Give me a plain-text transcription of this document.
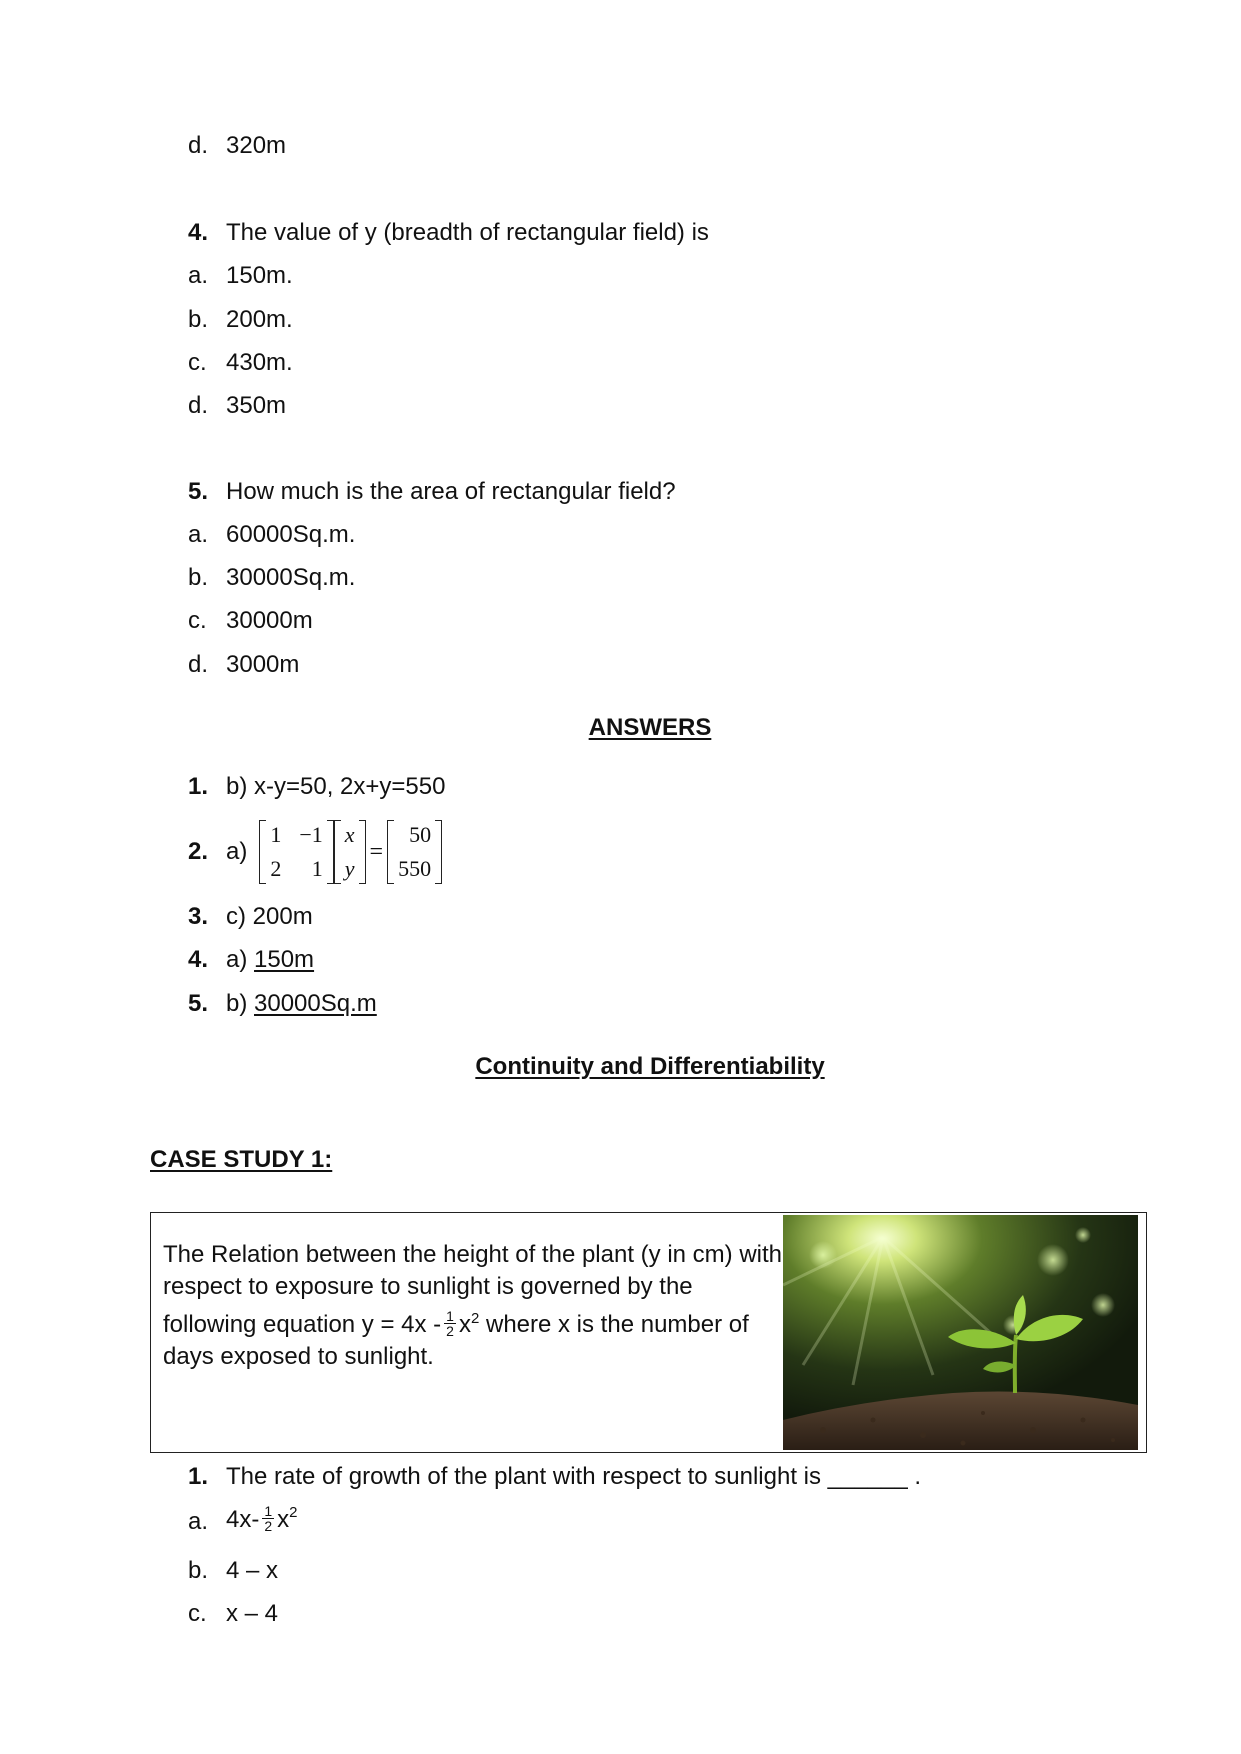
d. 320m
4. The value of y (breadth of rectangular field) is
a. 150m.
b. 200m.
c. 430m.
d. 350m
5. How much is the area of rectangular field?
a. 60000Sq.m.
b. 30000Sq.m.
c. 30000m
d. 3000m
ANSWERS
1. b) x-y=50, 2x+y=550
2. a)
1 −1
2	1
x
y
=
50
550
3. c) 200m
4. a) 150m
5. b) 30000Sq.m
Continuity and Differentiability
CASE STUDY 1:
The Relation between the height of the plant (y in cm) with respect to exposure to sunlight is governed by the following equation $y = 4x - \frac{1}{2} x^2$ where x is the number of days exposed to sunlight.
1. The rate of growth of the plant with respect to sunlight is ______ .
a. $4x- \frac{1}{2} x^2$
b. 4 – x
c. x – 4
